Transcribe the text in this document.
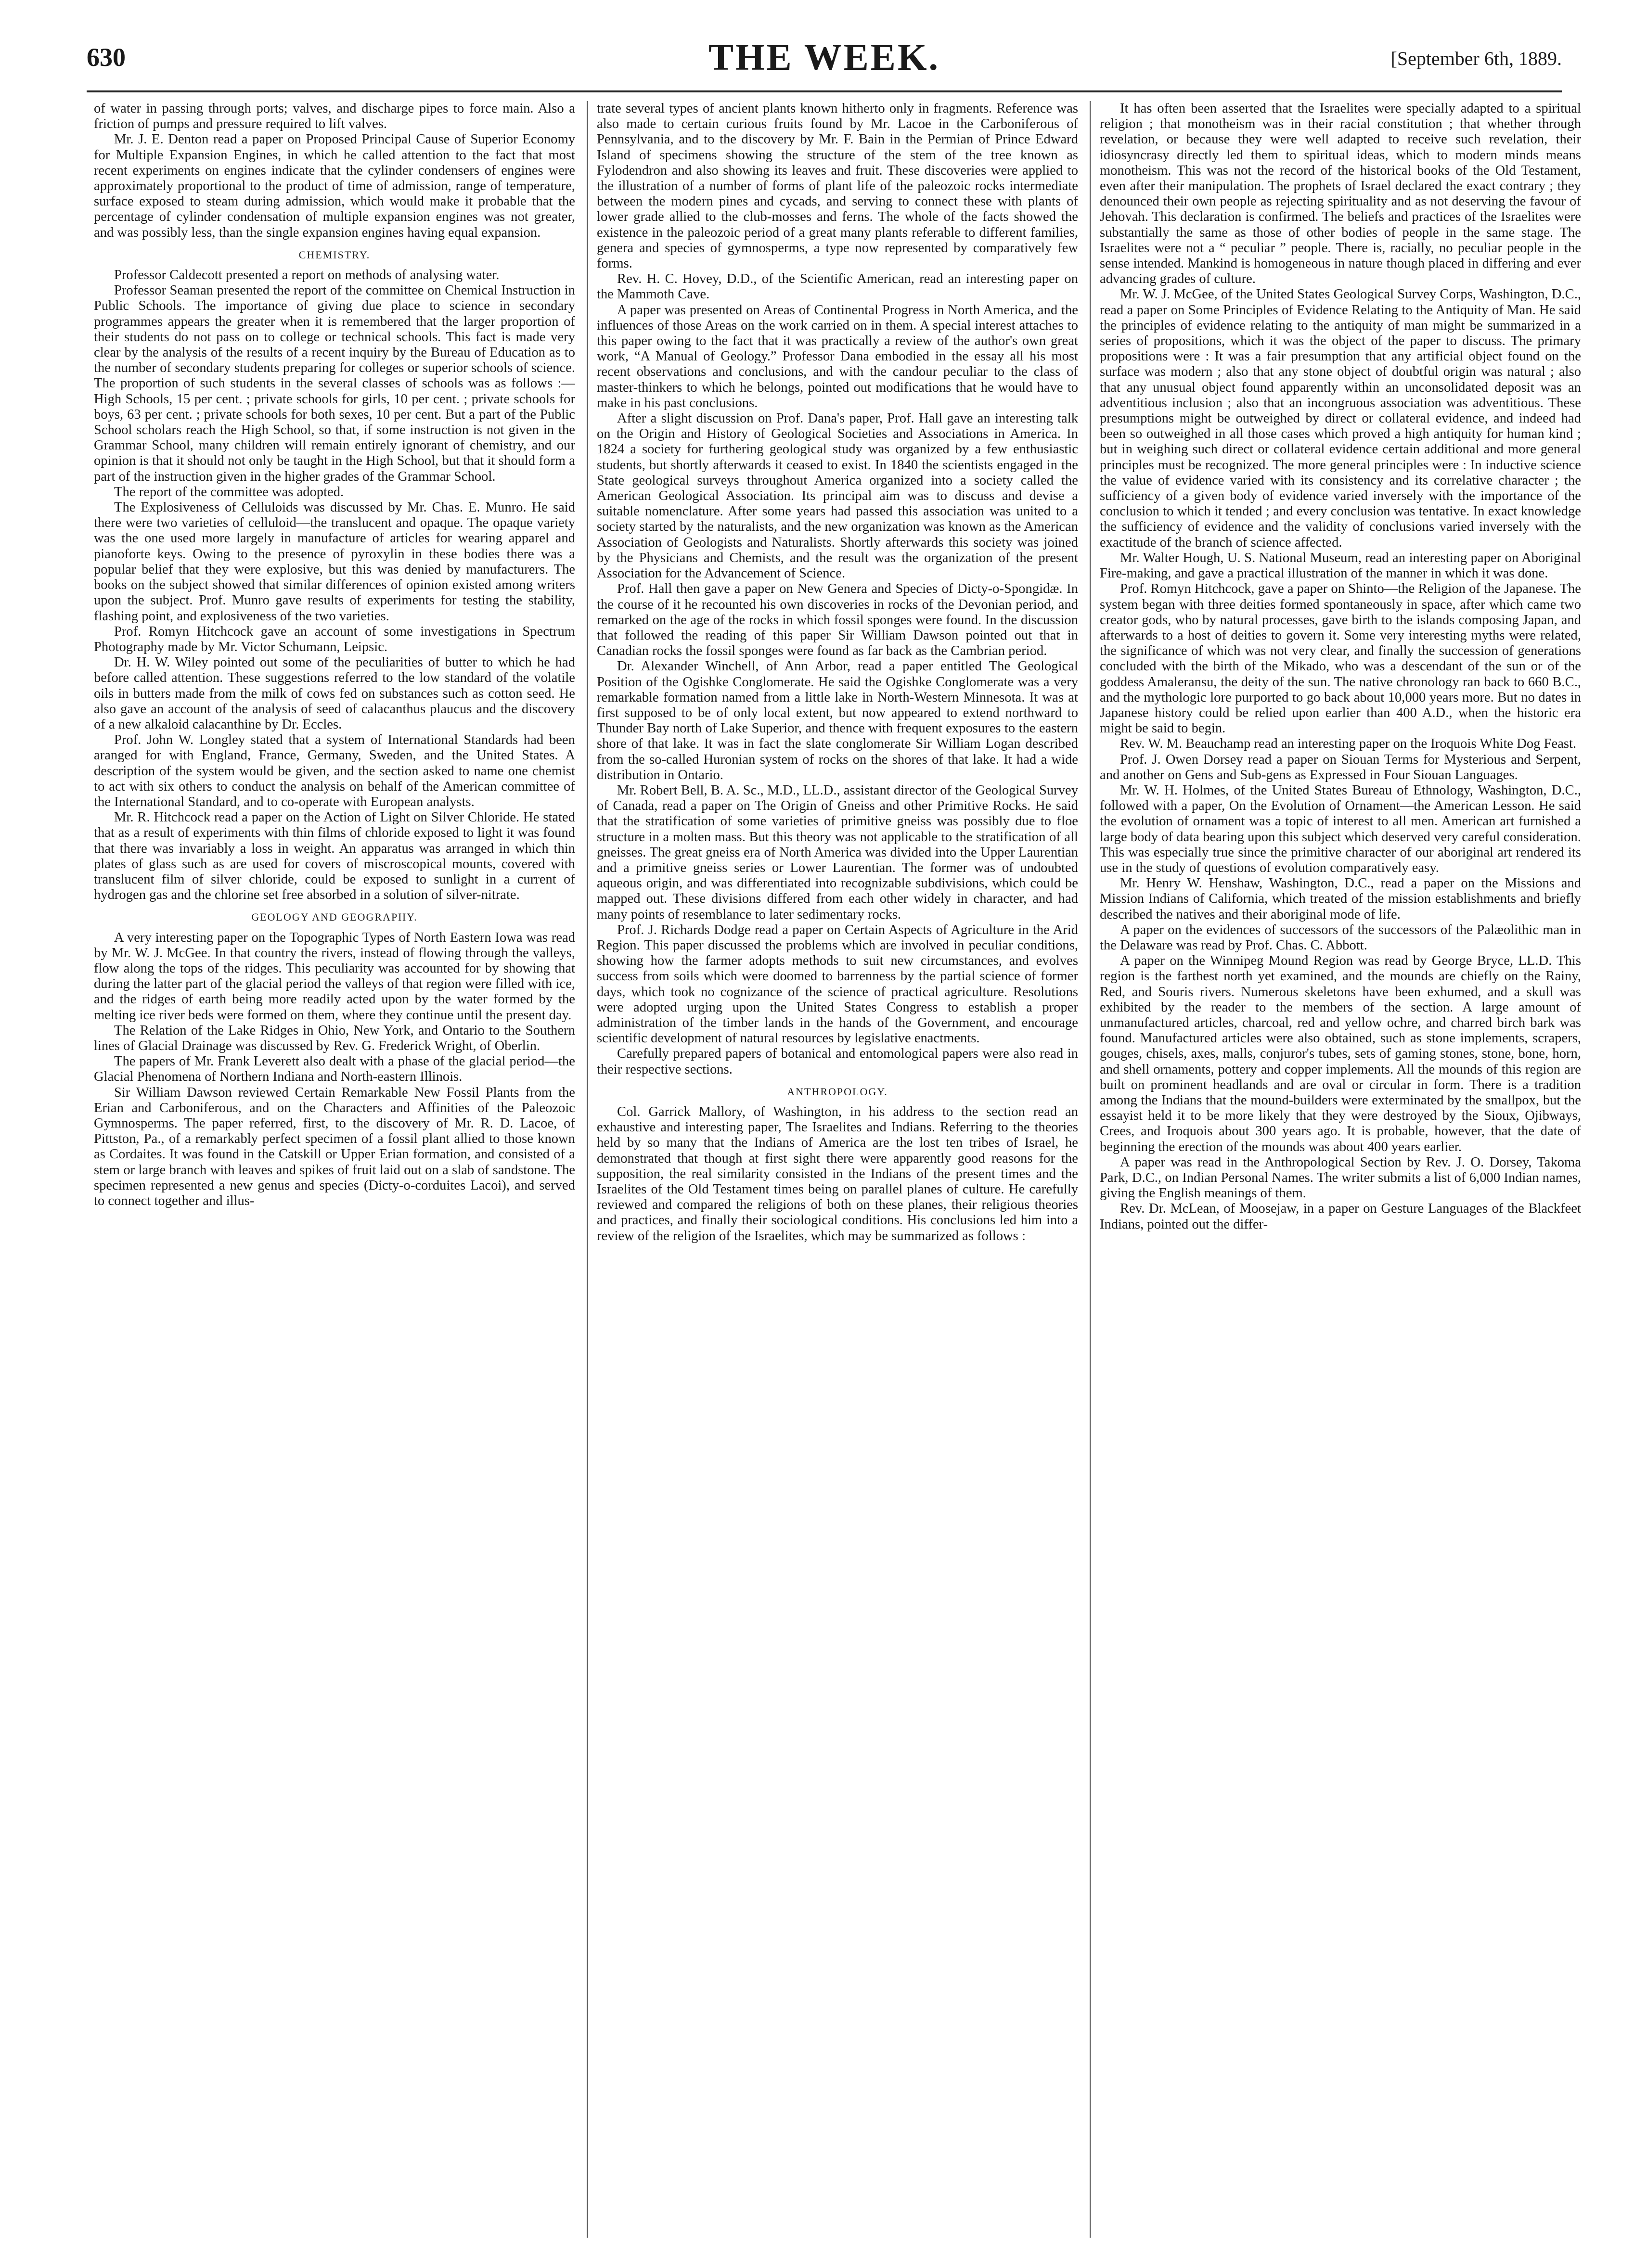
630	THE WEEK.	[September 6th, 1889.

of water in passing through ports; valves, and discharge pipes to force main. Also a friction of pumps and pressure required to lift valves.

Mr. J. E. Denton read a paper on Proposed Principal Cause of Superior Economy for Multiple Expansion Engines, in which he called attention to the fact that most recent experiments on engines indicate that the cylinder condensers of engines were approximately proportional to the product of time of admission, range of temperature, surface exposed to steam during admission, which would make it probable that the percentage of cylinder condensation of multiple expansion engines was not greater, and was possibly less, than the single expansion engines having equal expansion.

CHEMISTRY.

Professor Caldecott presented a report on methods of analysing water.

Professor Seaman presented the report of the committee on Chemical Instruction in Public Schools. The importance of giving due place to science in secondary programmes appears the greater when it is remembered that the larger proportion of their students do not pass on to college or technical schools. This fact is made very clear by the analysis of the results of a recent inquiry by the Bureau of Education as to the number of secondary students preparing for colleges or superior schools of science. The proportion of such students in the several classes of schools was as follows :—High Schools, 15 per cent. ; private schools for girls, 10 per cent. ; private schools for boys, 63 per cent. ; private schools for both sexes, 10 per cent. But a part of the Public School scholars reach the High School, so that, if some instruction is not given in the Grammar School, many children will remain entirely ignorant of chemistry, and our opinion is that it should not only be taught in the High School, but that it should form a part of the instruction given in the higher grades of the Grammar School.

The report of the committee was adopted.

The Explosiveness of Celluloids was discussed by Mr. Chas. E. Munro. He said there were two varieties of celluloid—the translucent and opaque. The opaque variety was the one used more largely in manufacture of articles for wearing apparel and pianoforte keys. Owing to the presence of pyroxylin in these bodies there was a popular belief that they were explosive, but this was denied by manufacturers. The books on the subject showed that similar differences of opinion existed among writers upon the subject. Prof. Munro gave results of experiments for testing the stability, flashing point, and explosiveness of the two varieties.

Prof. Romyn Hitchcock gave an account of some investigations in Spectrum Photography made by Mr. Victor Schumann, Leipsic.

Dr. H. W. Wiley pointed out some of the peculiarities of butter to which he had before called attention. These suggestions referred to the low standard of the volatile oils in butters made from the milk of cows fed on substances such as cotton seed. He also gave an account of the analysis of seed of calacanthus plaucus and the discovery of a new alkaloid calacanthine by Dr. Eccles.

Prof. John W. Longley stated that a system of International Standards had been aranged for with England, France, Germany, Sweden, and the United States. A description of the system would be given, and the section asked to name one chemist to act with six others to conduct the analysis on behalf of the American committee of the International Standard, and to co-operate with European analysts.

Mr. R. Hitchcock read a paper on the Action of Light on Silver Chloride. He stated that as a result of experiments with thin films of chloride exposed to light it was found that there was invariably a loss in weight. An apparatus was arranged in which thin plates of glass such as are used for covers of miscroscopical mounts, covered with translucent film of silver chloride, could be exposed to sunlight in a current of hydrogen gas and the chlorine set free absorbed in a solution of silver-nitrate.

GEOLOGY AND GEOGRAPHY.

A very interesting paper on the Topographic Types of North Eastern Iowa was read by Mr. W. J. McGee. In that country the rivers, instead of flowing through the valleys, flow along the tops of the ridges. This peculiarity was accounted for by showing that during the latter part of the glacial period the valleys of that region were filled with ice, and the ridges of earth being more readily acted upon by the water formed by the melting ice river beds were formed on them, where they continue until the present day.

The Relation of the Lake Ridges in Ohio, New York, and Ontario to the Southern lines of Glacial Drainage was discussed by Rev. G. Frederick Wright, of Oberlin.

The papers of Mr. Frank Leverett also dealt with a phase of the glacial period—the Glacial Phenomena of Northern Indiana and North-eastern Illinois.

Sir William Dawson reviewed Certain Remarkable New Fossil Plants from the Erian and Carboniferous, and on the Characters and Affinities of the Paleozoic Gymnosperms. The paper referred, first, to the discovery of Mr. R. D. Lacoe, of Pittston, Pa., of a remarkably perfect specimen of a fossil plant allied to those known as Cordaites. It was found in the Catskill or Upper Erian formation, and consisted of a stem or large branch with leaves and spikes of fruit laid out on a slab of sandstone. The specimen represented a new genus and species (Dicty-o-corduites Lacoi), and served to connect together and illus-

trate several types of ancient plants known hitherto only in fragments. Reference was also made to certain curious fruits found by Mr. Lacoe in the Carboniferous of Pennsylvania, and to the discovery by Mr. F. Bain in the Permian of Prince Edward Island of specimens showing the structure of the stem of the tree known as Fylodendron and also showing its leaves and fruit. These discoveries were applied to the illustration of a number of forms of plant life of the paleozoic rocks intermediate between the modern pines and cycads, and serving to connect these with plants of lower grade allied to the club-mosses and ferns. The whole of the facts showed the existence in the paleozoic period of a great many plants referable to different families, genera and species of gymnosperms, a type now represented by comparatively few forms.

Rev. H. C. Hovey, D.D., of the Scientific American, read an interesting paper on the Mammoth Cave.

A paper was presented on Areas of Continental Progress in North America, and the influences of those Areas on the work carried on in them. A special interest attaches to this paper owing to the fact that it was practically a review of the author's own great work, “A Manual of Geology.” Professor Dana embodied in the essay all his most recent observations and conclusions, and with the candour peculiar to the class of master-thinkers to which he belongs, pointed out modifications that he would have to make in his past conclusions.

After a slight discussion on Prof. Dana's paper, Prof. Hall gave an interesting talk on the Origin and History of Geological Societies and Associations in America. In 1824 a society for furthering geological study was organized by a few enthusiastic students, but shortly afterwards it ceased to exist. In 1840 the scientists engaged in the State geological surveys throughout America organized into a society called the American Geological Association. Its principal aim was to discuss and devise a suitable nomenclature. After some years had passed this association was united to a society started by the naturalists, and the new organization was known as the American Association of Geologists and Naturalists. Shortly afterwards this society was joined by the Physicians and Chemists, and the result was the organization of the present Association for the Advancement of Science.

Prof. Hall then gave a paper on New Genera and Species of Dicty-o-Spongidæ. In the course of it he recounted his own discoveries in rocks of the Devonian period, and remarked on the age of the rocks in which fossil sponges were found. In the discussion that followed the reading of this paper Sir William Dawson pointed out that in Canadian rocks the fossil sponges were found as far back as the Cambrian period.

Dr. Alexander Winchell, of Ann Arbor, read a paper entitled The Geological Position of the Ogishke Conglomerate. He said the Ogishke Conglomerate was a very remarkable formation named from a little lake in North-Western Minnesota. It was at first supposed to be of only local extent, but now appeared to extend northward to Thunder Bay north of Lake Superior, and thence with frequent exposures to the eastern shore of that lake. It was in fact the slate conglomerate Sir William Logan described from the so-called Huronian system of rocks on the shores of that lake. It had a wide distribution in Ontario.

Mr. Robert Bell, B. A. Sc., M.D., LL.D., assistant director of the Geological Survey of Canada, read a paper on The Origin of Gneiss and other Primitive Rocks. He said that the stratification of some varieties of primitive gneiss was possibly due to floe structure in a molten mass. But this theory was not applicable to the stratification of all gneisses. The great gneiss era of North America was divided into the Upper Laurentian and a primitive gneiss series or Lower Laurentian. The former was of undoubted aqueous origin, and was differentiated into recognizable subdivisions, which could be mapped out. These divisions differed from each other widely in character, and had many points of resemblance to later sedimentary rocks.

Prof. J. Richards Dodge read a paper on Certain Aspects of Agriculture in the Arid Region. This paper discussed the problems which are involved in peculiar conditions, showing how the farmer adopts methods to suit new circumstances, and evolves success from soils which were doomed to barrenness by the partial science of former days, which took no cognizance of the science of practical agriculture. Resolutions were adopted urging upon the United States Congress to establish a proper administration of the timber lands in the hands of the Government, and encourage scientific development of natural resources by legislative enactments.

Carefully prepared papers of botanical and entomological papers were also read in their respective sections.

ANTHROPOLOGY.

Col. Garrick Mallory, of Washington, in his address to the section read an exhaustive and interesting paper, The Israelites and Indians. Referring to the theories held by so many that the Indians of America are the lost ten tribes of Israel, he demonstrated that though at first sight there were apparently good reasons for the supposition, the real similarity consisted in the Indians of the present times and the Israelites of the Old Testament times being on parallel planes of culture. He carefully reviewed and compared the religions of both on these planes, their religious theories and practices, and finally their sociological conditions. His conclusions led him into a review of the religion of the Israelites, which may be summarized as follows :

It has often been asserted that the Israelites were specially adapted to a spiritual religion ; that monotheism was in their racial constitution ; that whether through revelation, or because they were well adapted to receive such revelation, their idiosyncrasy directly led them to spiritual ideas, which to modern minds means monotheism. This was not the record of the historical books of the Old Testament, even after their manipulation. The prophets of Israel declared the exact contrary ; they denounced their own people as rejecting spirituality and as not deserving the favour of Jehovah. This declaration is confirmed. The beliefs and practices of the Israelites were substantially the same as those of other bodies of people in the same stage. The Israelites were not a “ peculiar ” people. There is, racially, no peculiar people in the sense intended. Mankind is homogeneous in nature though placed in differing and ever advancing grades of culture.

Mr. W. J. McGee, of the United States Geological Survey Corps, Washington, D.C., read a paper on Some Principles of Evidence Relating to the Antiquity of Man. He said the principles of evidence relating to the antiquity of man might be summarized in a series of propositions, which it was the object of the paper to discuss. The primary propositions were : It was a fair presumption that any artificial object found on the surface was modern ; also that any stone object of doubtful origin was natural ; also that any unusual object found apparently within an unconsolidated deposit was an adventitious inclusion ; also that an incongruous association was adventitious. These presumptions might be outweighed by direct or collateral evidence, and indeed had been so outweighed in all those cases which proved a high antiquity for human kind ; but in weighing such direct or collateral evidence certain additional and more general principles must be recognized. The more general principles were : In inductive science the value of evidence varied with its consistency and its correlative character ; the sufficiency of a given body of evidence varied inversely with the importance of the conclusion to which it tended ; and every conclusion was tentative. In exact knowledge the sufficiency of evidence and the validity of conclusions varied inversely with the exactitude of the branch of science affected.

Mr. Walter Hough, U. S. National Museum, read an interesting paper on Aboriginal Fire-making, and gave a practical illustration of the manner in which it was done.

Prof. Romyn Hitchcock, gave a paper on Shinto—the Religion of the Japanese. The system began with three deities formed spontaneously in space, after which came two creator gods, who by natural processes, gave birth to the islands composing Japan, and afterwards to a host of deities to govern it. Some very interesting myths were related, the significance of which was not very clear, and finally the succession of generations concluded with the birth of the Mikado, who was a descendant of the sun or of the goddess Amaleransu, the deity of the sun. The native chronology ran back to 660 B.C., and the mythologic lore purported to go back about 10,000 years more. But no dates in Japanese history could be relied upon earlier than 400 A.D., when the historic era might be said to begin.

Rev. W. M. Beauchamp read an interesting paper on the Iroquois White Dog Feast.

Prof. J. Owen Dorsey read a paper on Siouan Terms for Mysterious and Serpent, and another on Gens and Sub-gens as Expressed in Four Siouan Languages.

Mr. W. H. Holmes, of the United States Bureau of Ethnology, Washington, D.C., followed with a paper, On the Evolution of Ornament—the American Lesson. He said the evolution of ornament was a topic of interest to all men. American art furnished a large body of data bearing upon this subject which deserved very careful consideration. This was especially true since the primitive character of our aboriginal art rendered its use in the study of questions of evolution comparatively easy.

Mr. Henry W. Henshaw, Washington, D.C., read a paper on the Missions and Mission Indians of California, which treated of the mission establishments and briefly described the natives and their aboriginal mode of life.

A paper on the evidences of successors of the successors of the Palæolithic man in the Delaware was read by Prof. Chas. C. Abbott.

A paper on the Winnipeg Mound Region was read by George Bryce, LL.D. This region is the farthest north yet examined, and the mounds are chiefly on the Rainy, Red, and Souris rivers. Numerous skeletons have been exhumed, and a skull was exhibited by the reader to the members of the section. A large amount of unmanufactured articles, charcoal, red and yellow ochre, and charred birch bark was found. Manufactured articles were also obtained, such as stone implements, scrapers, gouges, chisels, axes, malls, conjuror's tubes, sets of gaming stones, stone, bone, horn, and shell ornaments, pottery and copper implements. All the mounds of this region are built on prominent headlands and are oval or circular in form. There is a tradition among the Indians that the mound-builders were exterminated by the smallpox, but the essayist held it to be more likely that they were destroyed by the Sioux, Ojibways, Crees, and Iroquois about 300 years ago. It is probable, however, that the date of beginning the erection of the mounds was about 400 years earlier.

A paper was read in the Anthropological Section by Rev. J. O. Dorsey, Takoma Park, D.C., on Indian Personal Names. The writer submits a list of 6,000 Indian names, giving the English meanings of them.

Rev. Dr. McLean, of Moosejaw, in a paper on Gesture Languages of the Blackfeet Indians, pointed out the differ-
